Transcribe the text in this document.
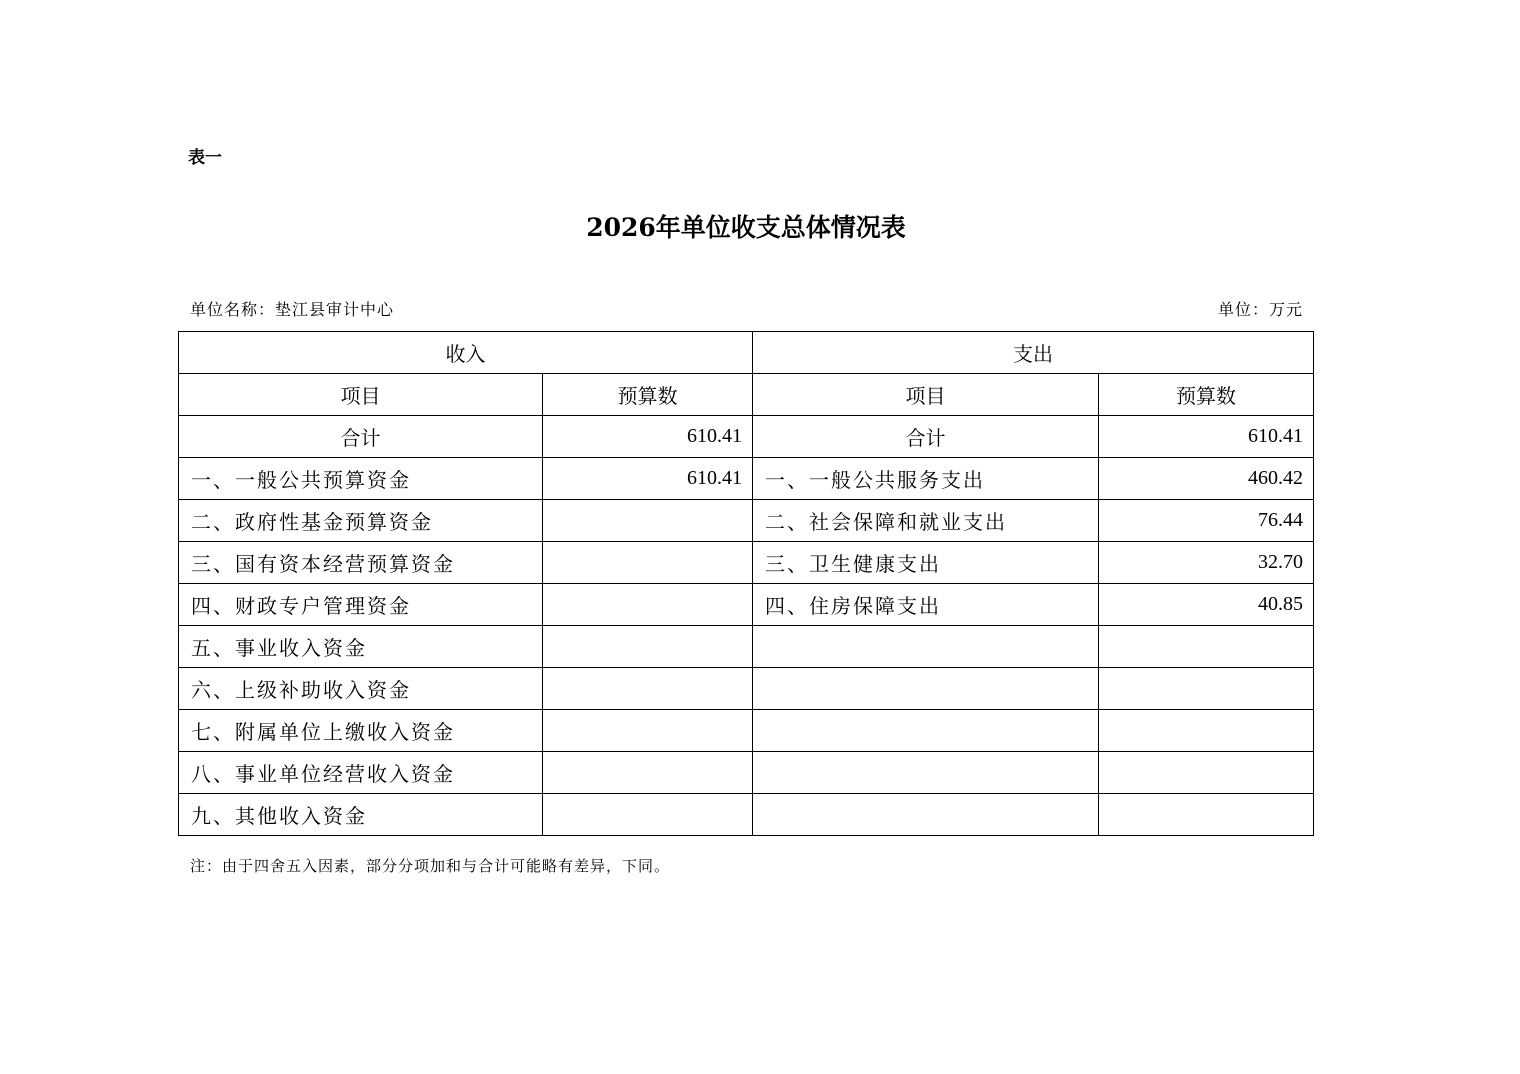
表一
2026年单位收支总体情况表
单位名称：垫江县审计中心	单位：万元
收入		支出	
项目	预算数	项目	预算数
合计	610.41	合计	610.41
一、一般公共预算资金	610.41	一、一般公共服务支出	460.42
二、政府性基金预算资金		二、社会保障和就业支出	76.44
三、国有资本经营预算资金		三、卫生健康支出	32.70
四、财政专户管理资金		四、住房保障支出	40.85
五、事业收入资金			
六、上级补助收入资金			
七、附属单位上缴收入资金			
八、事业单位经营收入资金			
九、其他收入资金			
注：由于四舍五入因素，部分分项加和与合计可能略有差异，下同。
